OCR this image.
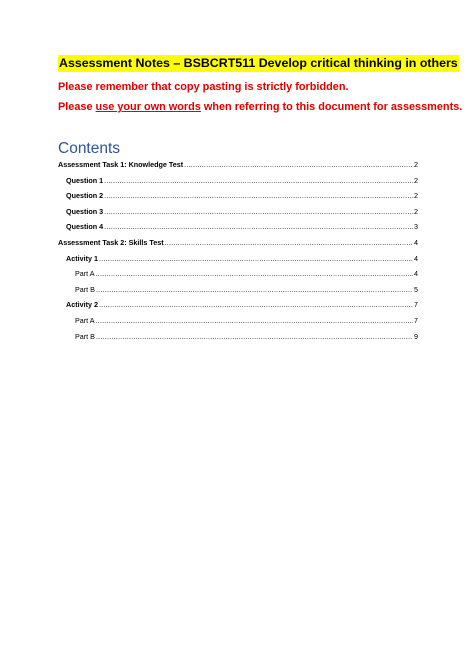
Assessment Notes – BSBCRT511 Develop critical thinking in others
Please remember that copy pasting is strictly forbidden.
Please use your own words when referring to this document for assessments.
Contents
Assessment Task 1: Knowledge Test .....	2
Question 1 .....	2
Question 2 .....	2
Question 3 .....	2
Question 4 .....	3
Assessment Task 2: Skills Test .....	4
Activity 1 .....	4
Part A .....	4
Part B .....	5
Activity 2 .....	7
Part A .....	7
Part B .....	9
